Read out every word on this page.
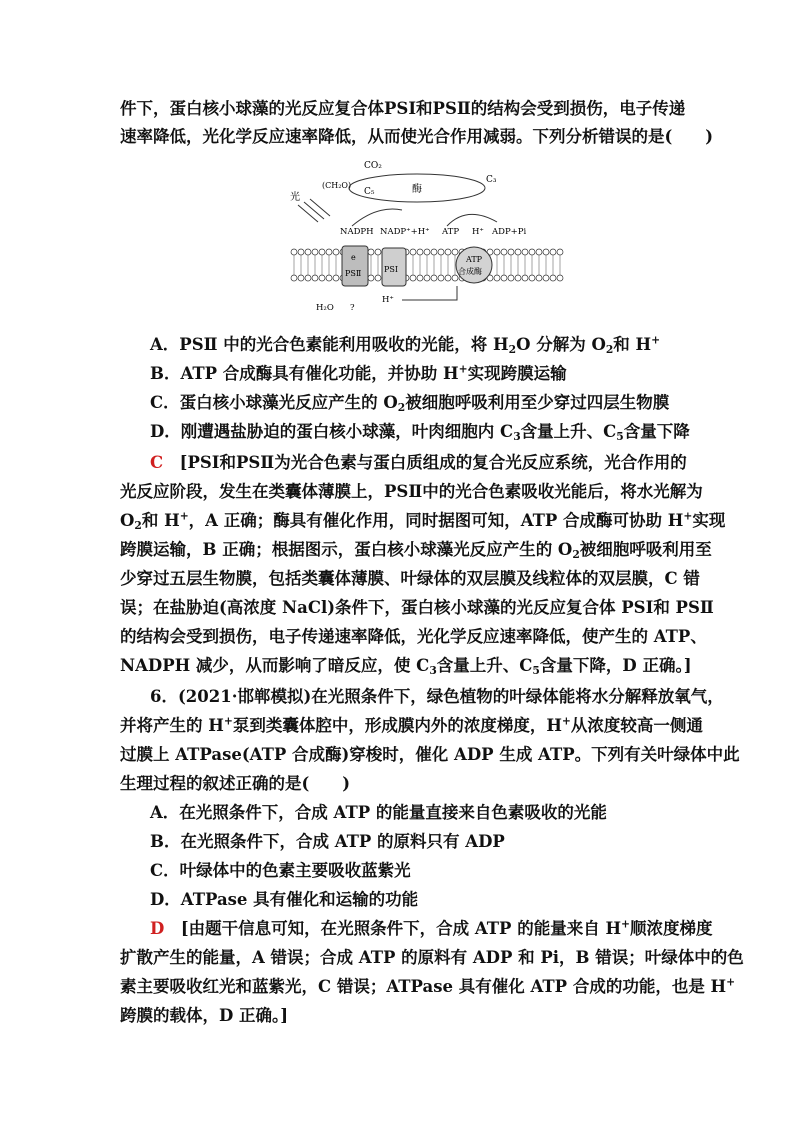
件下，蛋白核小球藻的光反应复合体PSⅠ和PSⅡ的结构会受到损伤，电子传递
速率降低，光化学反应速率降低，从而使光合作用减弱。下列分析错误的是(　　)
CO₂
(CH₂O)
C₅
C₃
酶
光
NADPH NADP⁺+H⁺ ATP H⁺ ADP+Pi
e
PSⅡ	PSⅠ
ATP
合成酶
H₂O ?
H⁺
A．PSⅡ 中的光合色素能利用吸收的光能，将 $H_2O$ 分解为 $O_2$和 H+
B．ATP 合成酶具有催化功能，并协助 H+实现跨膜运输
C．蛋白核小球藻光反应产生的 $O_2$被细胞呼吸利用至少穿过四层生物膜
D．刚遭遇盐胁迫的蛋白核小球藻，叶肉细胞内 $C_3$含量上升、$C_5$含量下降
C　 [PSⅠ和PSⅡ为光合色素与蛋白质组成的复合光反应系统，光合作用的
光反应阶段，发生在类囊体薄膜上，PSⅡ中的光合色素吸收光能后，将水光解为
$O_2$和 H+，A 正确；酶具有催化作用，同时据图可知，ATP 合成酶可协助 H+实现
跨膜运输，B 正确；根据图示，蛋白核小球藻光反应产生的 $O_2$被细胞呼吸利用至
少穿过五层生物膜，包括类囊体薄膜、叶绿体的双层膜及线粒体的双层膜，C 错
误；在盐胁迫(高浓度 NaCl)条件下，蛋白核小球藻的光反应复合体 PSⅠ和 PSⅡ
的结构会受到损伤，电子传递速率降低，光化学反应速率降低，使产生的 ATP、
NADPH 减少，从而影响了暗反应，使 $C_3$含量上升、$C_5$含量下降，D 正确。]
6．(2021·邯郸模拟)在光照条件下，绿色植物的叶绿体能将水分解释放氧气，
并将产生的 H+泵到类囊体腔中，形成膜内外的浓度梯度，H+从浓度较高一侧通
过膜上 ATPase(ATP 合成酶)穿梭时，催化 ADP 生成 ATP。下列有关叶绿体中此
生理过程的叙述正确的是(　　)
A．在光照条件下，合成 ATP 的能量直接来自色素吸收的光能
B．在光照条件下，合成 ATP 的原料只有 ADP
C．叶绿体中的色素主要吸收蓝紫光
D．ATPase 具有催化和运输的功能
D　 [由题干信息可知，在光照条件下，合成 ATP 的能量来自 H+顺浓度梯度
扩散产生的能量，A 错误；合成 ATP 的原料有 ADP 和 Pi，B 错误；叶绿体中的色
素主要吸收红光和蓝紫光，C 错误；ATPase 具有催化 ATP 合成的功能，也是 H+
跨膜的载体，D 正确。]
